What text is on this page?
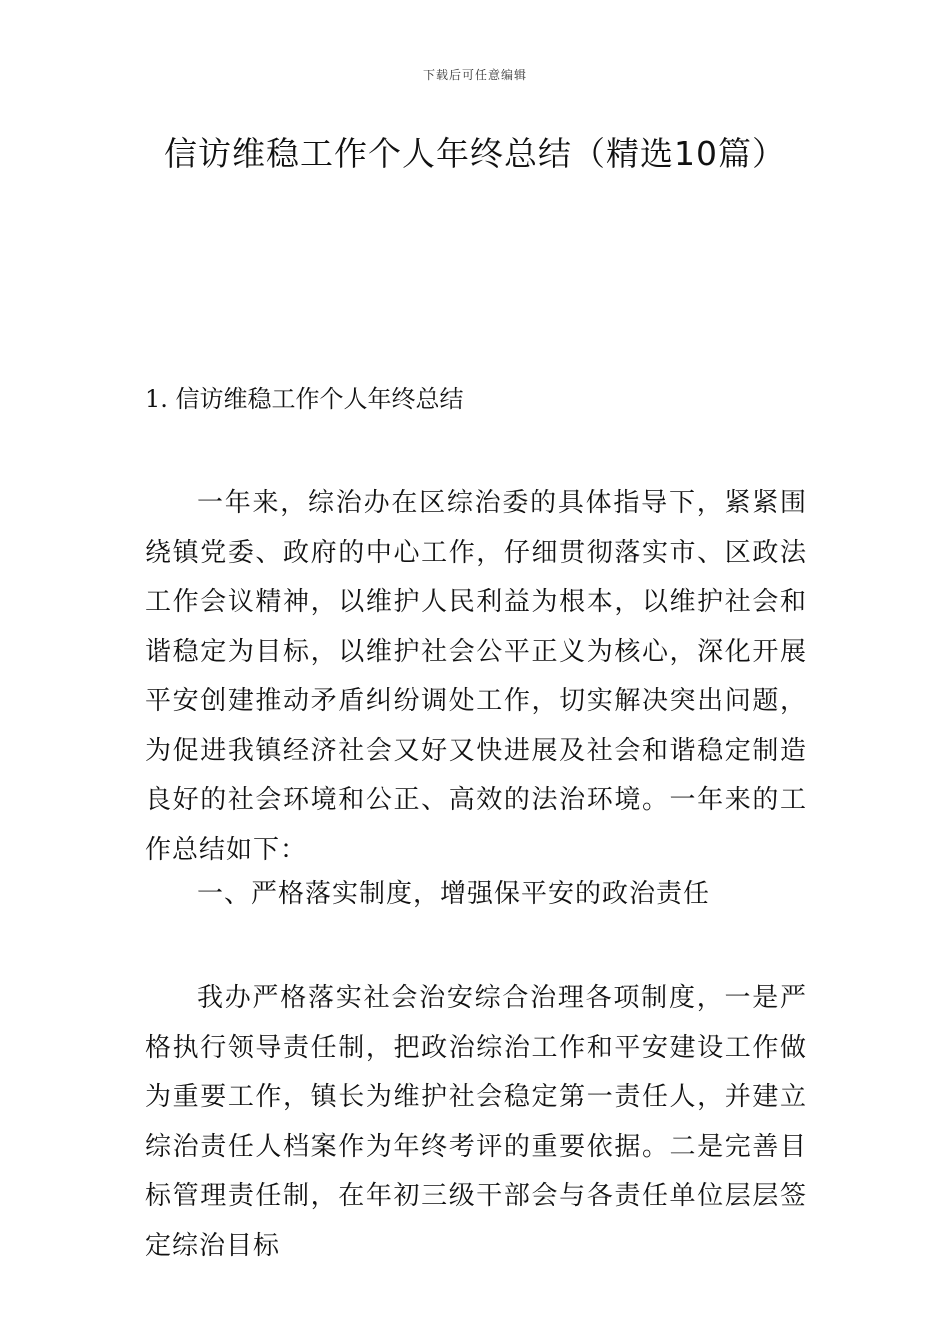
下载后可任意编辑
信访维稳工作个人年终总结（精选10篇）
1. 信访维稳工作个人年终总结

一年来，综治办在区综治委的具体指导下，紧紧围绕镇党委、政府的中心工作，仔细贯彻落实市、区政法工作会议精神，以维护人民利益为根本，以维护社会和谐稳定为目标，以维护社会公平正义为核心，深化开展平安创建推动矛盾纠纷调处工作，切实解决突出问题，为促进我镇经济社会又好又快进展及社会和谐稳定制造良好的社会环境和公正、高效的法治环境。一年来的工作总结如下：

一、严格落实制度，增强保平安的政治责任

我办严格落实社会治安综合治理各项制度，一是严格执行领导责任制，把政治综治工作和平安建设工作做为重要工作，镇长为维护社会稳定第一责任人，并建立综治责任人档案作为年终考评的重要依据。二是完善目标管理责任制，在年初三级干部会与各责任单位层层签定综治目标
